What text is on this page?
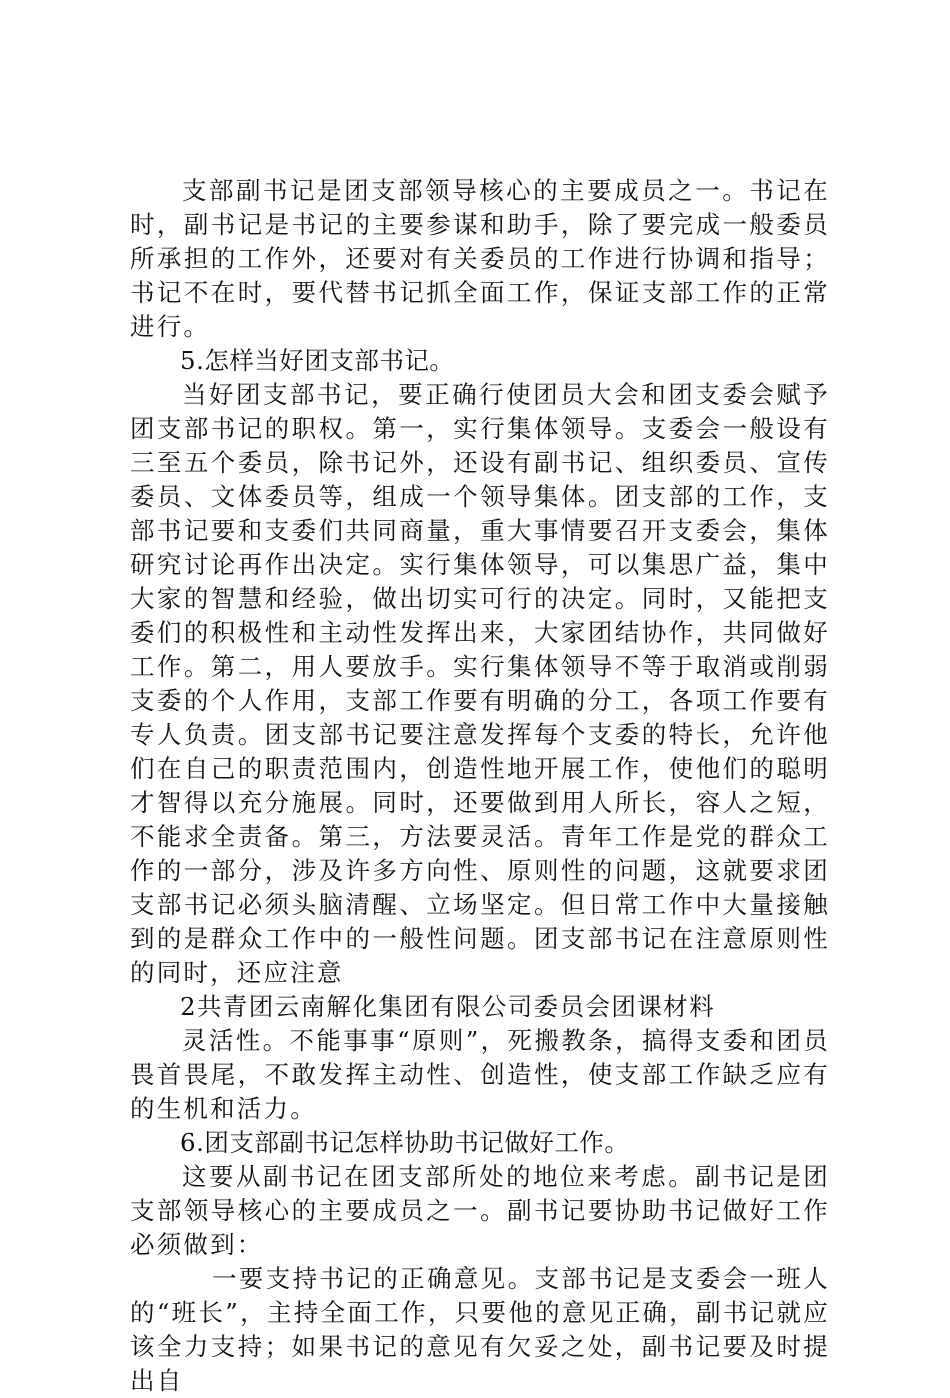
支部副书记是团支部领导核心的主要成员之一。书记在时，副书记是书记的主要参谋和助手，除了要完成一般委员所承担的工作外，还要对有关委员的工作进行协调和指导；书记不在时，要代替书记抓全面工作，保证支部工作的正常进行。

5.怎样当好团支部书记。

当好团支部书记，要正确行使团员大会和团支委会赋予团支部书记的职权。第一，实行集体领导。支委会一般设有三至五个委员，除书记外，还设有副书记、组织委员、宣传委员、文体委员等，组成一个领导集体。团支部的工作，支部书记要和支委们共同商量，重大事情要召开支委会，集体研究讨论再作出决定。实行集体领导，可以集思广益，集中大家的智慧和经验，做出切实可行的决定。同时，又能把支委们的积极性和主动性发挥出来，大家团结协作，共同做好工作。第二，用人要放手。实行集体领导不等于取消或削弱支委的个人作用，支部工作要有明确的分工，各项工作要有专人负责。团支部书记要注意发挥每个支委的特长，允许他们在自己的职责范围内，创造性地开展工作，使他们的聪明才智得以充分施展。同时，还要做到用人所长，容人之短，不能求全责备。第三，方法要灵活。青年工作是党的群众工作的一部分，涉及许多方向性、原则性的问题，这就要求团支部书记必须头脑清醒、立场坚定。但日常工作中大量接触到的是群众工作中的一般性问题。团支部书记在注意原则性的同时，还应注意

2共青团云南解化集团有限公司委员会团课材料

灵活性。不能事事“原则”，死搬教条，搞得支委和团员畏首畏尾，不敢发挥主动性、创造性，使支部工作缺乏应有的生机和活力。

6.团支部副书记怎样协助书记做好工作。

这要从副书记在团支部所处的地位来考虑。副书记是团支部领导核心的主要成员之一。副书记要协助书记做好工作必须做到：

一要支持书记的正确意见。支部书记是支委会一班人的“班长”，主持全面工作，只要他的意见正确，副书记就应该全力支持；如果书记的意见有欠妥之处，副书记要及时提出自
